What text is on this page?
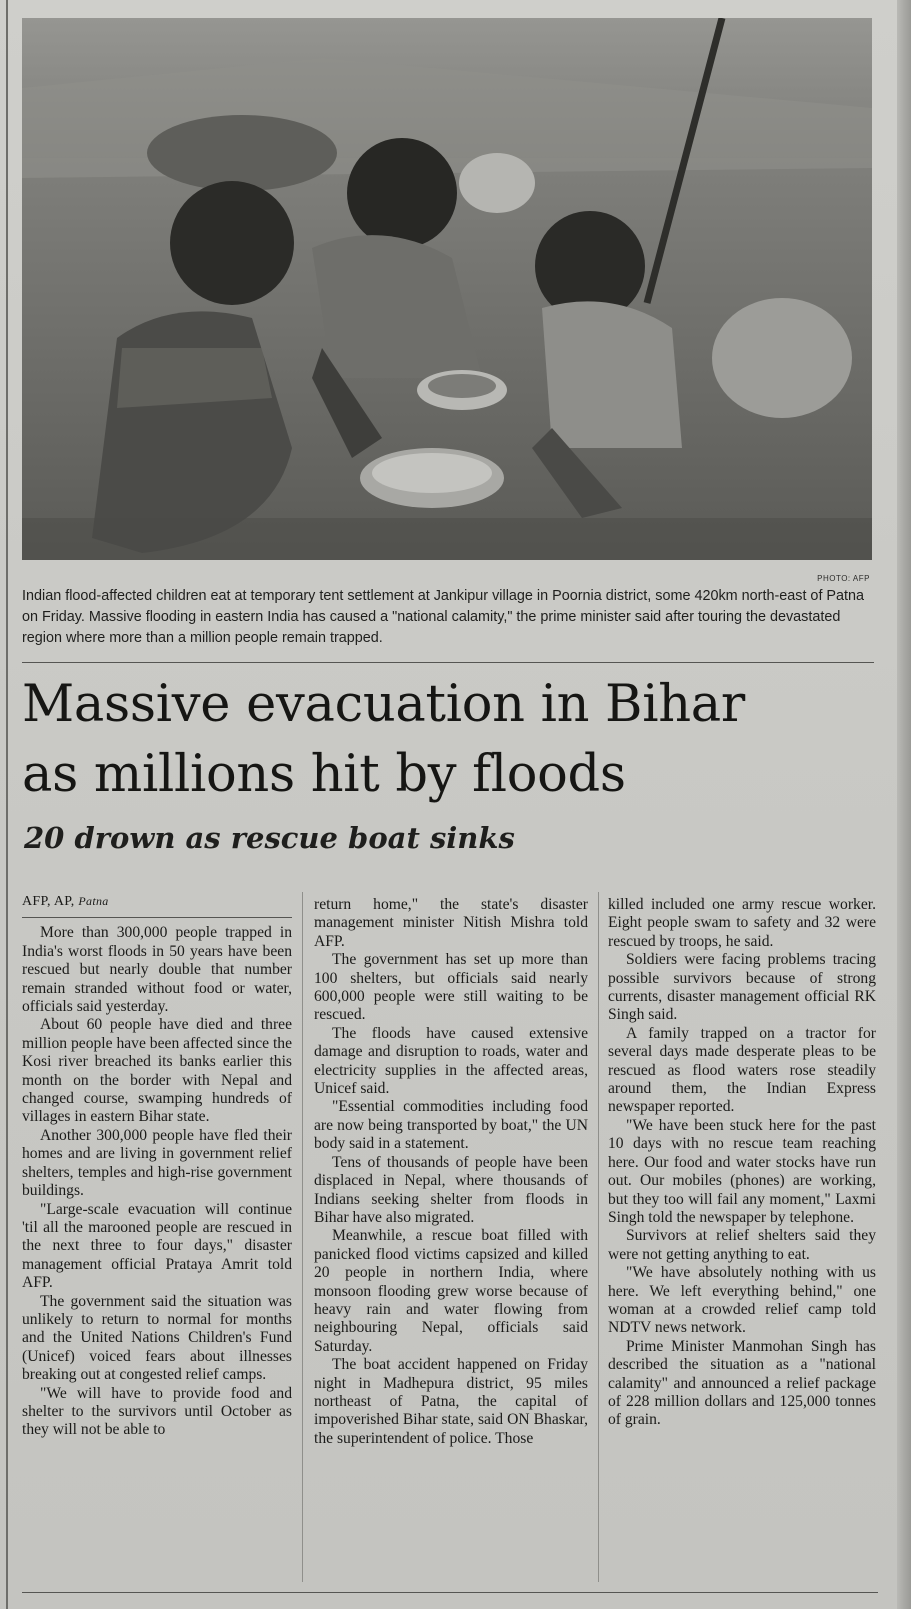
PHOTO: AFP

Indian flood-affected children eat at temporary tent settlement at Jankipur village in Poornia district, some 420km north-east of Patna on Friday. Massive flooding in eastern India has caused a "national calamity," the prime minister said after touring the devastated region where more than a million people remain trapped.

Massive evacuation in Bihar
as millions hit by floods
20 drown as rescue boat sinks
AFP, AP, Patna

More than 300,000 people trapped in India's worst floods in 50 years have been rescued but nearly double that number remain stranded without food or water, officials said yesterday.

About 60 people have died and three million people have been affected since the Kosi river breached its banks earlier this month on the border with Nepal and changed course, swamping hundreds of villages in eastern Bihar state.

Another 300,000 people have fled their homes and are living in government relief shelters, temples and high-rise government buildings.

"Large-scale evacuation will continue 'til all the marooned people are rescued in the next three to four days," disaster management official Prataya Amrit told AFP.

The government said the situation was unlikely to return to normal for months and the United Nations Children's Fund (Unicef) voiced fears about illnesses breaking out at congested relief camps.

"We will have to provide food and shelter to the survivors until October as they will not be able to

return home," the state's disaster management minister Nitish Mishra told AFP.

The government has set up more than 100 shelters, but officials said nearly 600,000 people were still waiting to be rescued.

The floods have caused extensive damage and disruption to roads, water and electricity supplies in the affected areas, Unicef said.

"Essential commodities including food are now being transported by boat," the UN body said in a statement.

Tens of thousands of people have been displaced in Nepal, where thousands of Indians seeking shelter from floods in Bihar have also migrated.

Meanwhile, a rescue boat filled with panicked flood victims capsized and killed 20 people in northern India, where monsoon flooding grew worse because of heavy rain and water flowing from neighbouring Nepal, officials said Saturday.

The boat accident happened on Friday night in Madhepura district, 95 miles northeast of Patna, the capital of impoverished Bihar state, said ON Bhaskar, the superintendent of police. Those

killed included one army rescue worker. Eight people swam to safety and 32 were rescued by troops, he said.

Soldiers were facing problems tracing possible survivors because of strong currents, disaster management official RK Singh said.

A family trapped on a tractor for several days made desperate pleas to be rescued as flood waters rose steadily around them, the Indian Express newspaper reported.

"We have been stuck here for the past 10 days with no rescue team reaching here. Our food and water stocks have run out. Our mobiles (phones) are working, but they too will fail any moment," Laxmi Singh told the newspaper by telephone.

Survivors at relief shelters said they were not getting anything to eat.

"We have absolutely nothing with us here. We left everything behind," one woman at a crowded relief camp told NDTV news network.

Prime Minister Manmohan Singh has described the situation as a "national calamity" and announced a relief package of 228 million dollars and 125,000 tonnes of grain.
